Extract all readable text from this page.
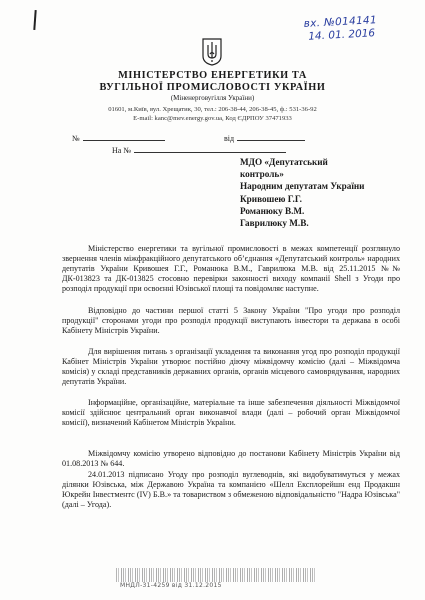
вх. №014141
14. 01. 2016
МІНІСТЕРСТВО ЕНЕРГЕТИКИ ТА
ВУГІЛЬНОЇ ПРОМИСЛОВОСТІ УКРАЇНИ
(Міненерговугілля України)
01601, м.Київ, вул. Хрещатик, 30, тел.: 206-38-44, 206-38-45, ф.: 531-36-92
E-mail: kanc@mev.energy.gov.ua, Код ЄДРПОУ 37471933
№	від
На №
МДО «Депутатський
контроль»
Народним депутатам України
Кривошею Г.Г.
Романюку В.М.
Гаврилюку М.В.

Міністерство енергетики та вугільної промисловості в межах компетенції розглянуло звернення членів міжфракційного депутатського об’єднання «Депутатський контроль» народних депутатів України Кривошея Г.Г., Романюка В.М., Гаврилюка М.В. від 25.11.2015 №№ ДК-013823 та ДК-013825 стосовно перевірки законності виходу компанії Shell з Угоди про розподіл продукції при освоєнні Юзівської площі та повідомляє наступне.

Відповідно до частини першої статті 5 Закону України "Про угоди про розподіл продукції" сторонами угоди про розподіл продукції виступають інвестори та держава в особі Кабінету Міністрів України.

Для вирішення питань з організації укладення та виконання угод про розподіл продукції Кабінет Міністрів України утворює постійно діючу міжвідомчу комісію (далі – Міжвідомча комісія) у складі представників державних органів, органів місцевого самоврядування, народних депутатів України.

Інформаційне, організаційне, матеріальне та інше забезпечення діяльності Міжвідомчої комісії здійснює центральний орган виконавчої влади (далі – робочий орган Міжвідомчої комісії), визначений Кабінетом Міністрів України.

Міжвідомчу комісію утворено відповідно до постанови Кабінету Міністрів України від 01.08.2013 № 644.

24.01.2013 підписано Угоду про розподіл вуглеводнів, які видобуватимуться у межах ділянки Юзівська, між Державою Україна та компанією «Шелл Експлорейшн енд Продакшн Юкрейн Інвестментс (IV) Б.В.» та товариством з обмеженою відповідальністю "Надра Юзівська" (далі – Угода).

МНДЛ-31-4259 від 31.12.2015
